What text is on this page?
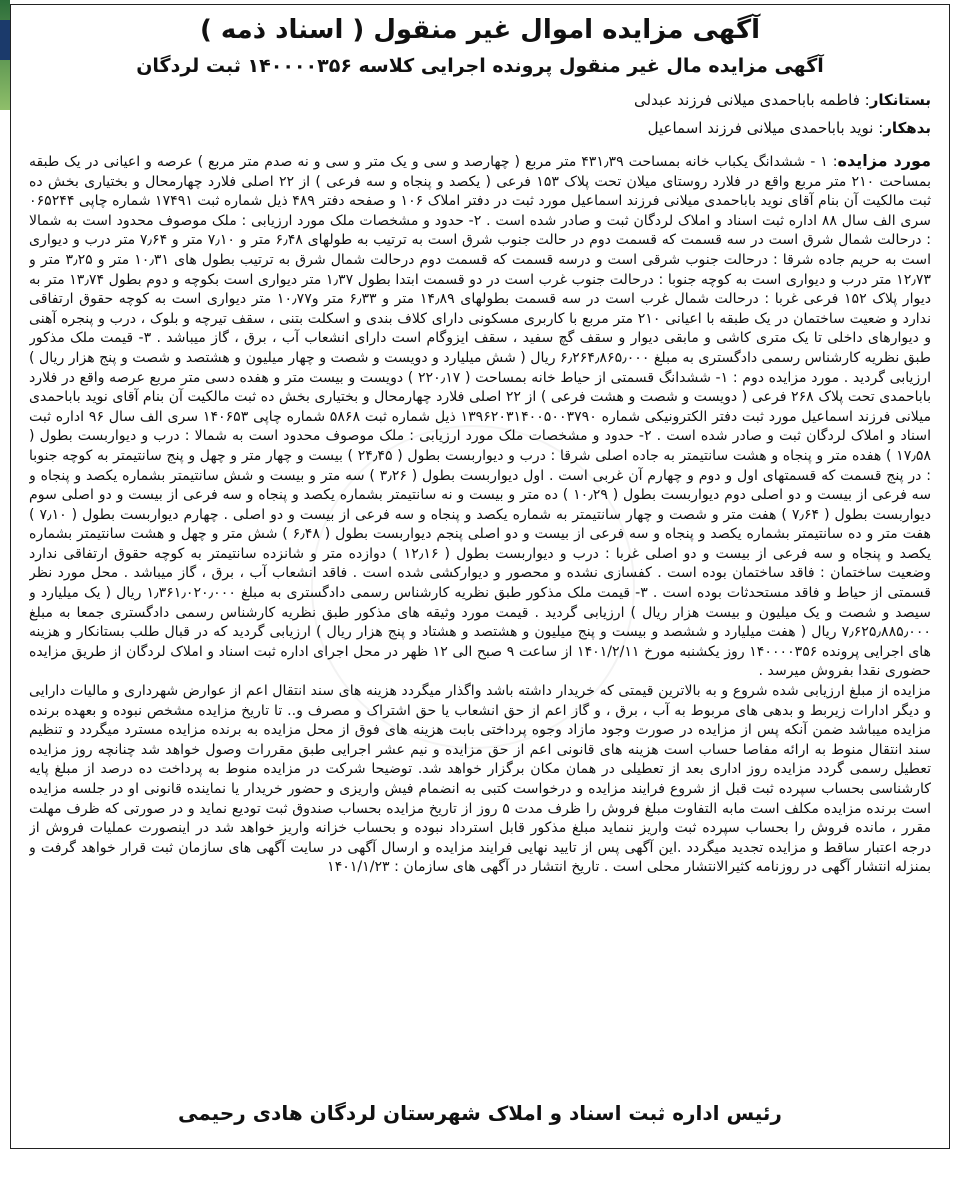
آگهی مزایده اموال غیر منقول ( اسناد ذمه )
آگهی مزایده مال غیر منقول پرونده اجرایی کلاسه ۱۴۰۰۰۰۳۵۶ ثبت لردگان
بستانکار: فاطمه باباحمدی میلانی فرزند عبدلی
بدهکار: نوید باباحمدی میلانی فرزند اسماعیل

مورد مزایده: ۱ - ششدانگ یکباب خانه بمساحت ۴۳۱٫۳۹ متر مربع ( چهارصد و سی و یک متر و سی و نه صدم متر مربع ) عرصه و اعیانی در یک طبقه بمساحت ۲۱۰ متر مربع واقع در فلارد روستای میلان تحت پلاک ۱۵۳ فرعی ( یکصد و پنجاه و سه فرعی ) از ۲۲ اصلی فلارد چهارمحال و بختیاری بخش ده ثبت مالکیت آن بنام آقای نوید باباحمدی میلانی فرزند اسماعیل مورد ثبت در دفتر املاک ۱۰۶ و صفحه دفتر ۴۸۹ ذیل شماره ثبت ۱۷۴۹۱ شماره چاپی ۰۶۵۲۴۴ سری الف سال ۸۸ اداره ثبت اسناد و املاک لردگان ثبت و صادر شده است . ۲- حدود و مشخصات ملک مورد ارزیابی : ملک موصوف محدود است به شمالا : درحالت شمال شرق است در سه قسمت که قسمت دوم در حالت جنوب شرق است به ترتیب به طولهای ۶٫۴۸ متر و ۷٫۱۰ متر و ۷٫۶۴ متر درب و دیواری است به حریم جاده شرقا : درحالت جنوب شرقی است و درسه قسمت که قسمت دوم درحالت شمال شرق به ترتیب بطول های ۱۰٫۳۱ متر و ۳٫۲۵ متر و ۱۲٫۷۳ متر درب و دیواری است به کوچه جنوبا : درحالت جنوب غرب است در دو قسمت ابتدا بطول ۱٫۳۷ متر دیواری است بکوچه و دوم بطول ۱۳٫۷۴ متر به دیوار پلاک ۱۵۲ فرعی غربا : درحالت شمال غرب است در سه قسمت بطولهای ۱۴٫۸۹ متر و ۶٫۳۳ متر و۱۰٫۷۷ متر دیواری است به کوچه حقوق ارتفاقی ندارد و ضعیت ساختمان در یک طبقه با اعیانی ۲۱۰ متر مربع با کاربری مسکونی دارای کلاف بندی و اسکلت بتنی ، سقف تیرچه و بلوک ، درب و پنجره آهنی و دیوارهای داخلی تا یک متری کاشی و مابقی دیوار و سقف گچ سفید ، سقف ایزوگام است دارای انشعاب آب ، برق ، گاز میباشد . ۳- قیمت ملک مذکور طبق نظریه کارشناس رسمی دادگستری به مبلغ ۶٫۲۶۴٫۸۶۵٫۰۰۰ ریال ( شش میلیارد و دویست و شصت و چهار میلیون و هشتصد و شصت و پنج هزار ریال ) ارزیابی گردید . مورد مزایده دوم : ۱- ششدانگ قسمتی از حیاط خانه بمساحت ( ۲۲۰٫۱۷ ) دویست و بیست متر و هفده دسی متر مربع عرصه واقع در فلارد باباحمدی تحت پلاک ۲۶۸ فرعی ( دویست و شصت و هشت فرعی ) از ۲۲ اصلی فلارد چهارمحال و بختیاری بخش ده ثبت مالکیت آن بنام آقای نوید باباحمدی میلانی فرزند اسماعیل مورد ثبت دفتر الکترونیکی شماره ۱۳۹۶۲۰۳۱۴۰۰۵۰۰۳۷۹۰ ذیل شماره ثبت ۵۸۶۸ شماره چاپی ۱۴۰۶۵۳ سری الف سال ۹۶ اداره ثبت اسناد و املاک لردگان ثبت و صادر شده است . ۲- حدود و مشخصات ملک مورد ارزیابی : ملک موصوف محدود است به شمالا : درب و دیواربست بطول ( ۱۷٫۵۸ ) هفده متر و پنجاه و هشت سانتیمتر به جاده اصلی شرقا : درب و دیواربست بطول ( ۲۴٫۴۵ ) بیست و چهار متر و چهل و پنج سانتیمتر به کوچه جنوبا : در پنج قسمت که قسمتهای اول و دوم و چهارم آن غربی است . اول دیواربست بطول ( ۳٫۲۶ ) سه متر و بیست و شش سانتیمتر بشماره یکصد و پنجاه و سه فرعی از بیست و دو اصلی دوم دیواربست بطول ( ۱۰٫۲۹ ) ده متر و بیست و نه سانتیمتر بشماره یکصد و پنجاه و سه فرعی از بیست و دو اصلی سوم دیواربست بطول ( ۷٫۶۴ ) هفت متر و شصت و چهار سانتیمتر به شماره یکصد و پنجاه و سه فرعی از بیست و دو اصلی . چهارم دیواربست بطول ( ۷٫۱۰ ) هفت متر و ده سانتیمتر بشماره یکصد و پنجاه و سه فرعی از بیست و دو اصلی پنجم دیواربست بطول ( ۶٫۴۸ ) شش متر و چهل و هشت سانتیمتر بشماره یکصد و پنجاه و سه فرعی از بیست و دو اصلی غربا : درب و دیواربست بطول ( ۱۲٫۱۶ ) دوازده متر و شانزده سانتیمتر به کوچه حقوق ارتفاقی ندارد وضعیت ساختمان : فاقد ساختمان بوده است . کفسازی نشده و محصور و دیوارکشی شده است . فاقد انشعاب آب ، برق ، گاز میباشد . محل مورد نظر قسمتی از حیاط و فاقد مستحدثات بوده است . ۳- قیمت ملک مذکور طبق نظریه کارشناس رسمی دادگستری به مبلغ ۱٫۳۶۱٫۰۲۰٫۰۰۰ ریال ( یک میلیارد و سیصد و شصت و یک میلیون و بیست هزار ریال ) ارزیابی گردید . قیمت مورد وثیقه های مذکور طبق نظریه کارشناس رسمی دادگستری جمعا به مبلغ ۷٫۶۲۵٫۸۸۵٫۰۰۰ ریال ( هفت میلیارد و ششصد و بیست و پنج میلیون و هشتصد و هشتاد و پنج هزار ریال ) ارزیابی گردید که در قبال طلب بستانکار و هزینه های اجرایی پرونده ۱۴۰۰۰۰۳۵۶ روز یکشنبه مورخ ۱۴۰۱/۲/۱۱ از ساعت ۹ صبح الی ۱۲ ظهر در محل اجرای اداره ثبت اسناد و املاک لردگان از طریق مزایده حضوری نقدا بفروش میرسد .

مزایده از مبلغ ارزیابی شده شروع و به بالاترین قیمتی که خریدار داشته باشد واگذار میگردد هزینه های سند انتقال اعم از عوارض شهرداری و مالیات دارایی و دیگر ادارات زیربط و بدهی های مربوط به آب ، برق ، و گاز اعم از حق انشعاب یا حق اشتراک و مصرف و.. تا تاریخ مزایده مشخص نبوده و بعهده برنده مزایده میباشد ضمن آنکه پس از مزایده در صورت وجود مازاد وجوه پرداختی بابت هزینه های فوق از محل مزایده به برنده مزایده مسترد میگردد و تنظیم سند انتقال منوط به ارائه مفاصا حساب است هزینه های قانونی اعم از حق مزایده و نیم عشر اجرایی طبق مقررات وصول خواهد شد چنانچه روز مزایده تعطیل رسمی گردد مزایده روز اداری بعد از تعطیلی در همان مکان برگزار خواهد شد. توضیحا شرکت در مزایده منوط به پرداخت ده درصد از مبلغ پایه کارشناسی بحساب سپرده ثبت قبل از شروع فرایند مزایده و درخواست کتبی به انضمام فیش واریزی و حضور خریدار یا نماینده قانونی او در جلسه مزایده است برنده مزایده مکلف است مابه التفاوت مبلغ فروش را ظرف مدت ۵ روز از تاریخ مزایده بحساب صندوق ثبت تودیع نماید و در صورتی که ظرف مهلت مقرر ، مانده فروش را بحساب سپرده ثبت واریز ننماید مبلغ مذکور قابل استرداد نبوده و بحساب خزانه واریز خواهد شد در اینصورت عملیات فروش از درجه اعتبار ساقط و مزایده تجدید میگردد .این آگهی پس از تایید نهایی فرایند مزایده و ارسال آگهی در سایت آگهی های سازمان ثبت قرار خواهد گرفت و بمنزله انتشار آگهی در روزنامه کثیرالانتشار محلی است . تاریخ انتشار در آگهی های سازمان : ۱۴۰۱/۱/۲۳

رئیس اداره ثبت اسناد و املاک شهرستان لردگان هادی رحیمی
